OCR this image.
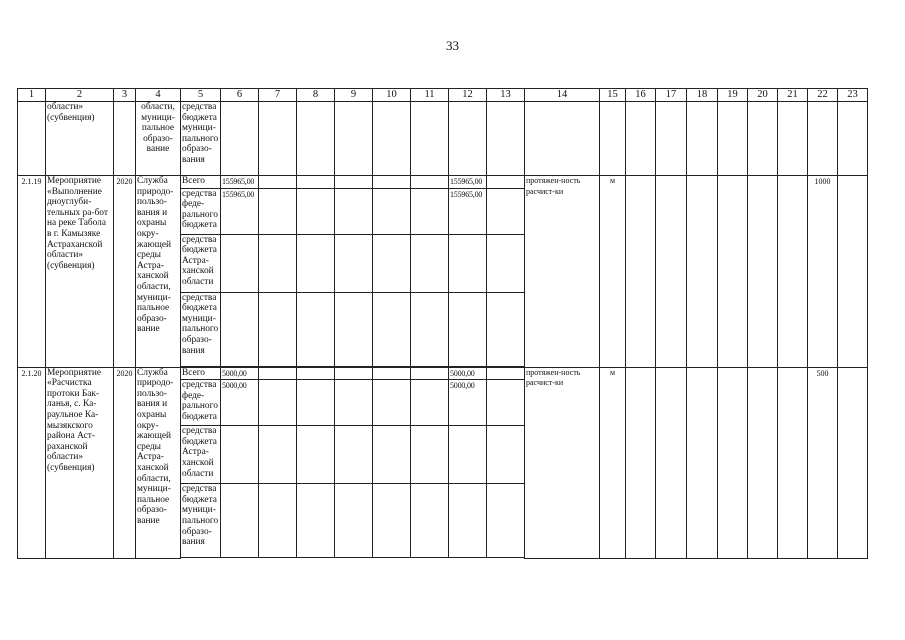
33
1	2	3	4	5	6	7	8	9	10	11	12	13	14	15	16	17	18	19	20	21	22	23
	области» (субвенция)		области, муници-пальное образо-вание	средства бюджета муници-пального образо-вания																		
2.1.19	Мероприятие «Выполнение дноуглуби-тельных ра-бот на реке Табола в г. Камызяке Астраханской области» (субвенция)	2020	Служба природо-пользо-вания и охраны окру-жающей среды Астра-ханской области, муници-пальное образо-вание	Всего	155965,00						155965,00		протяжен-ность расчист-ки	м							1000	
				средства феде-рального бюджета	155965,00						155965,00											
				средства бюджета Астра-ханской области																		
				средства бюджета муници-пального образо-вания																		

2.1.20	Мероприятие «Расчистка протоки Бак-ланья, с. Ка-раульное Ка-мызякского района Аст-раханской области» (субвенция)	2020	Служба природо-пользо-вания и охраны окру-жающей среды Астра-ханской области, муници-пальное образо-вание	Всего	5000,00						5000,00		протяжен-ность расчист-ки	м							500	
				средства феде-рального бюджета	5000,00						5000,00											
				средства бюджета Астра-ханской области																		
				средства бюджета муници-пального образо-вания																		
